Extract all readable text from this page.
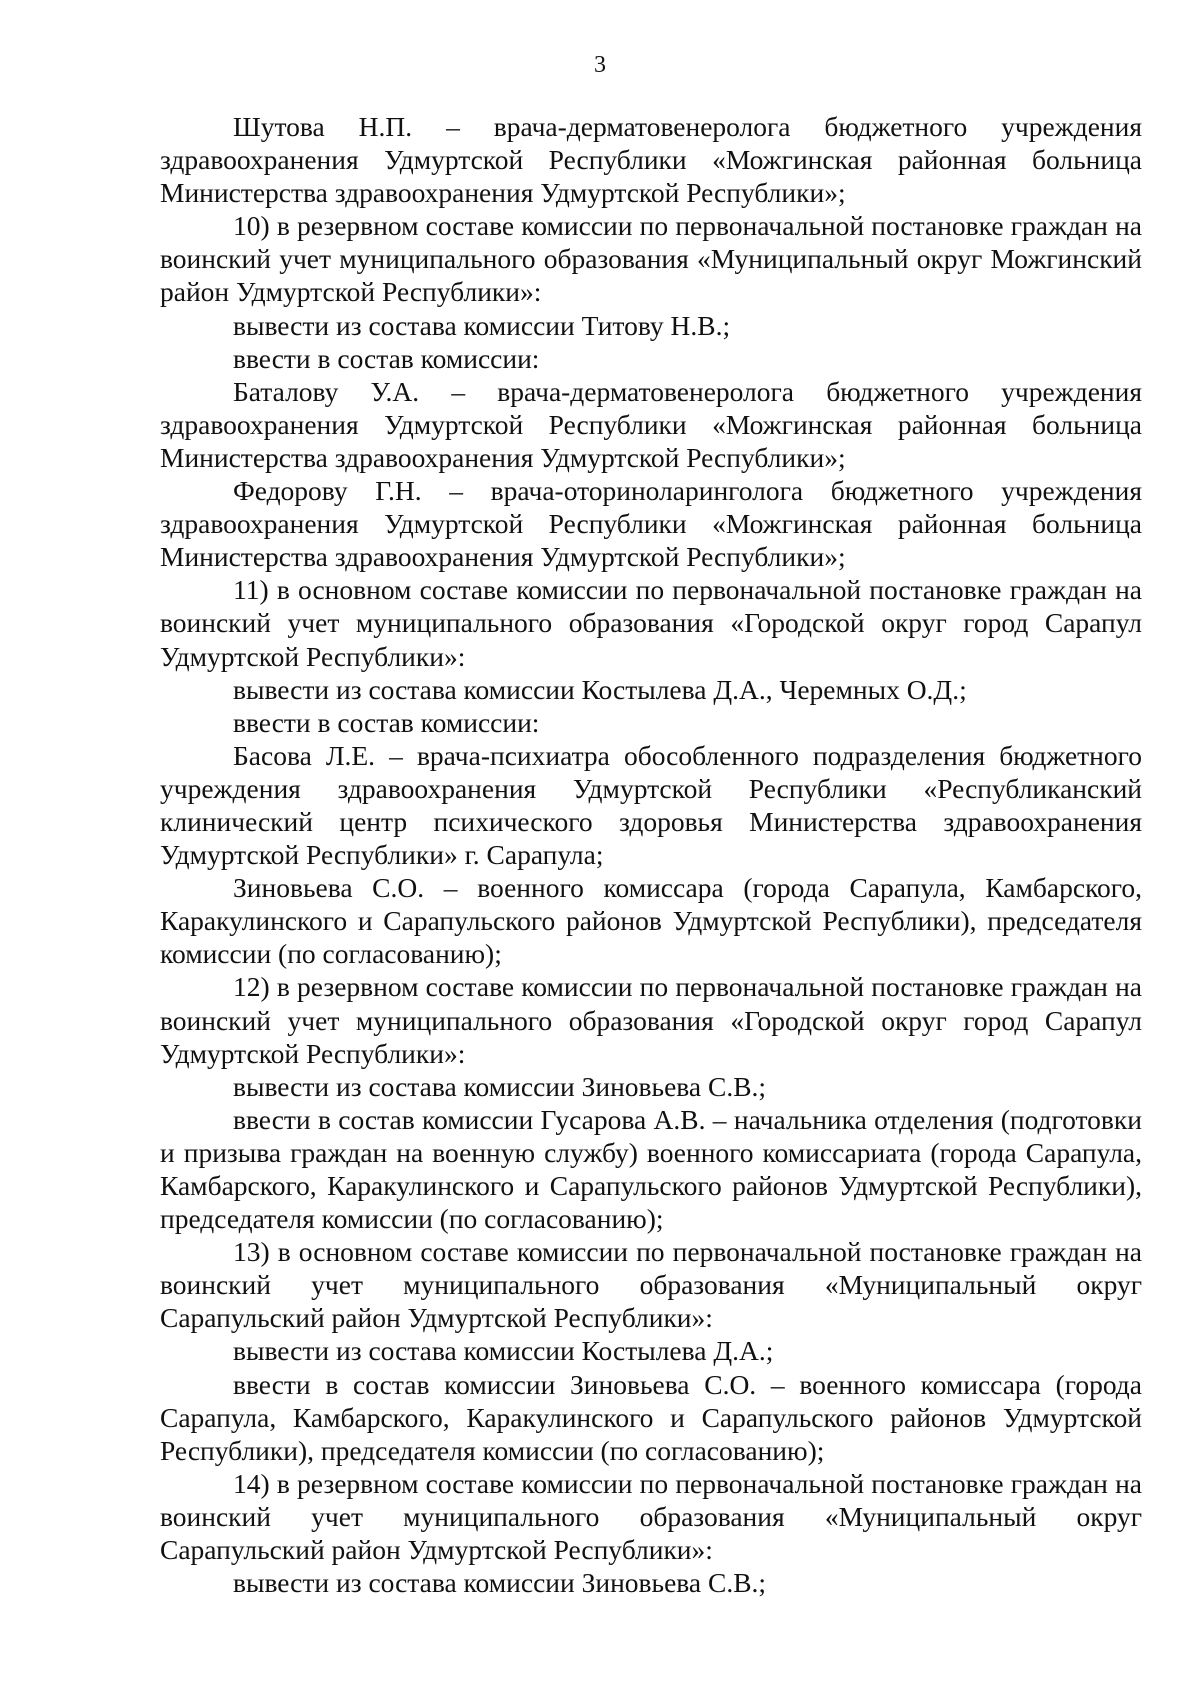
3

Шутова Н.П. – врача-дерматовенеролога бюджетного учреждения здравоохранения Удмуртской Республики «Можгинская районная больница Министерства здравоохранения Удмуртской Республики»;

10) в резервном составе комиссии по первоначальной постановке граждан на воинский учет муниципального образования «Муниципальный округ Можгинский район Удмуртской Республики»:

вывести из состава комиссии Титову Н.В.;

ввести в состав комиссии:

Баталову У.А. – врача-дерматовенеролога бюджетного учреждения здравоохранения Удмуртской Республики «Можгинская районная больница Министерства здравоохранения Удмуртской Республики»;

Федорову Г.Н. – врача-оториноларинголога бюджетного учреждения здравоохранения Удмуртской Республики «Можгинская районная больница Министерства здравоохранения Удмуртской Республики»;

11) в основном составе комиссии по первоначальной постановке граждан на воинский учет муниципального образования «Городской округ город Сарапул Удмуртской Республики»:

вывести из состава комиссии Костылева Д.А., Черемных О.Д.;

ввести в состав комиссии:

Басова Л.Е. – врача-психиатра обособленного подразделения бюджетного учреждения здравоохранения Удмуртской Республики «Республиканский клинический центр психического здоровья Министерства здравоохранения Удмуртской Республики» г. Сарапула;

Зиновьева С.О. – военного комиссара (города Сарапула, Камбарского, Каракулинского и Сарапульского районов Удмуртской Республики), председателя комиссии (по согласованию);

12) в резервном составе комиссии по первоначальной постановке граждан на воинский учет муниципального образования «Городской округ город Сарапул Удмуртской Республики»:

вывести из состава комиссии Зиновьева С.В.;

ввести в состав комиссии Гусарова А.В. – начальника отделения (подготовки и призыва граждан на военную службу) военного комиссариата (города Сарапула, Камбарского, Каракулинского и Сарапульского районов Удмуртской Республики), председателя комиссии (по согласованию);

13) в основном составе комиссии по первоначальной постановке граждан на воинский учет муниципального образования «Муниципальный округ Сарапульский район Удмуртской Республики»:

вывести из состава комиссии Костылева Д.А.;

ввести в состав комиссии Зиновьева С.О. – военного комиссара (города Сарапула, Камбарского, Каракулинского и Сарапульского районов Удмуртской Республики), председателя комиссии (по согласованию);

14) в резервном составе комиссии по первоначальной постановке граждан на воинский учет муниципального образования «Муниципальный округ Сарапульский район Удмуртской Республики»:

вывести из состава комиссии Зиновьева С.В.;
